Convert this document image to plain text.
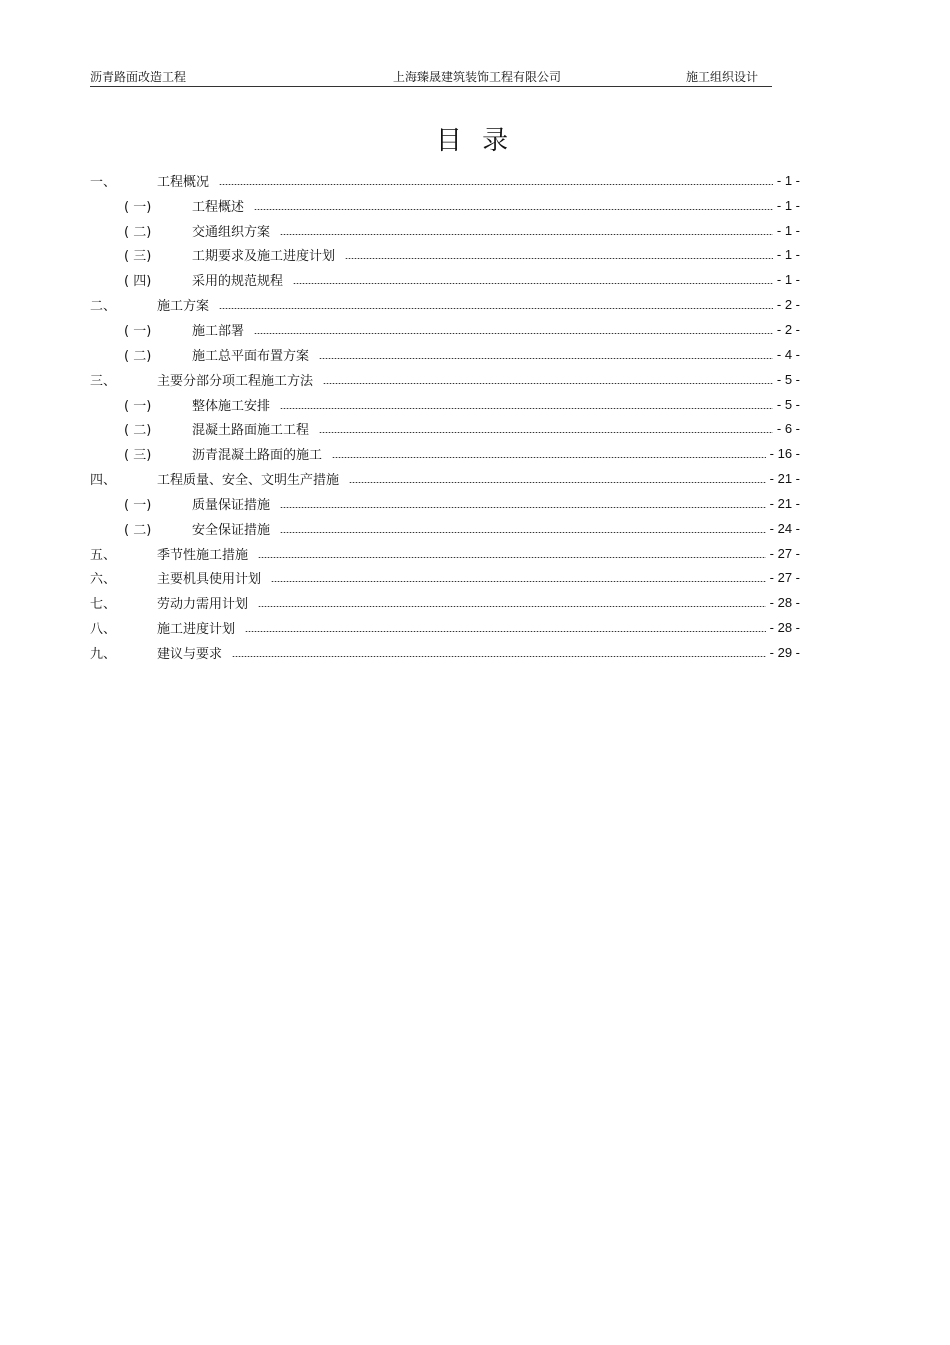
沥青路面改造工程	上海臻晟建筑装饰工程有限公司	施工组织设计
目 录
一、	工程概况	- 1 -
( 一)	工程概述	- 1 -
( 二)	交通组织方案	- 1 -
( 三)	工期要求及施工进度计划	- 1 -
( 四)	采用的规范规程	- 1 -
二、	施工方案	- 2 -
( 一)	施工部署	- 2 -
( 二)	施工总平面布置方案	- 4 -
三、	主要分部分项工程施工方法	- 5 -
( 一)	整体施工安排	- 5 -
( 二)	混凝土路面施工工程	- 6 -
( 三)	沥青混凝土路面的施工	- 16 -
四、	工程质量、安全、文明生产措施	- 21 -
( 一)	质量保证措施	- 21 -
( 二)	安全保证措施	- 24 -
五、	季节性施工措施	- 27 -
六、	主要机具使用计划	- 27 -
七、	劳动力需用计划	- 28 -
八、	施工进度计划	- 28 -
九、	建议与要求	- 29 -
